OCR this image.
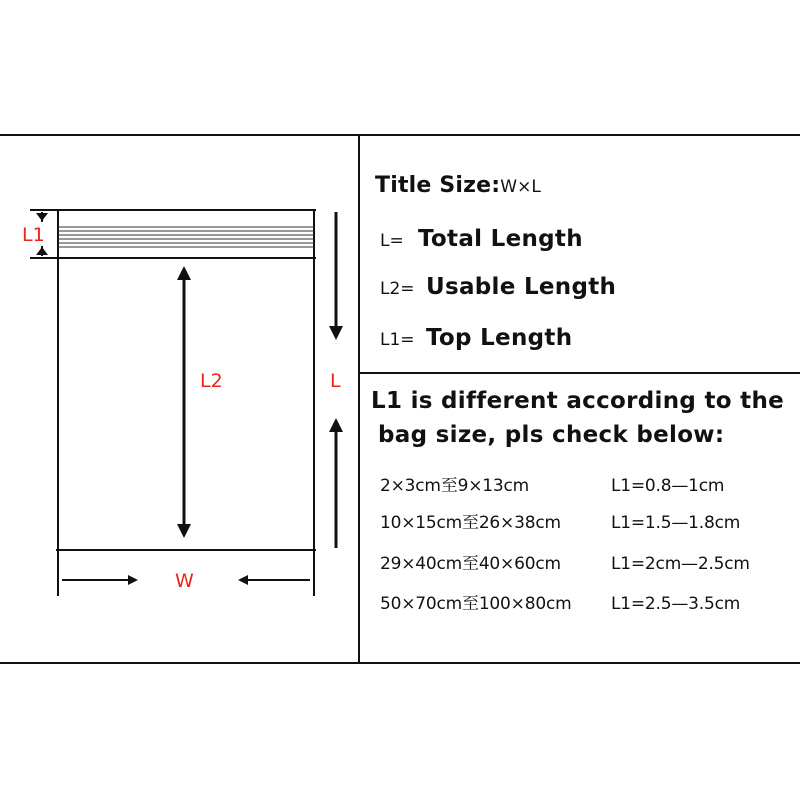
L1
L2	L
W
Title Size:W×L
L= Total Length
L2= Usable Length
L1= Top Length
L1 is different according to the
bag size, pls check below:
2×3cm至9×13cm	L1=0.8—1cm
10×15cm至26×38cm	L1=1.5—1.8cm
29×40cm至40×60cm	L1=2cm—2.5cm
50×70cm至100×80cm L1=2.5—3.5cm
